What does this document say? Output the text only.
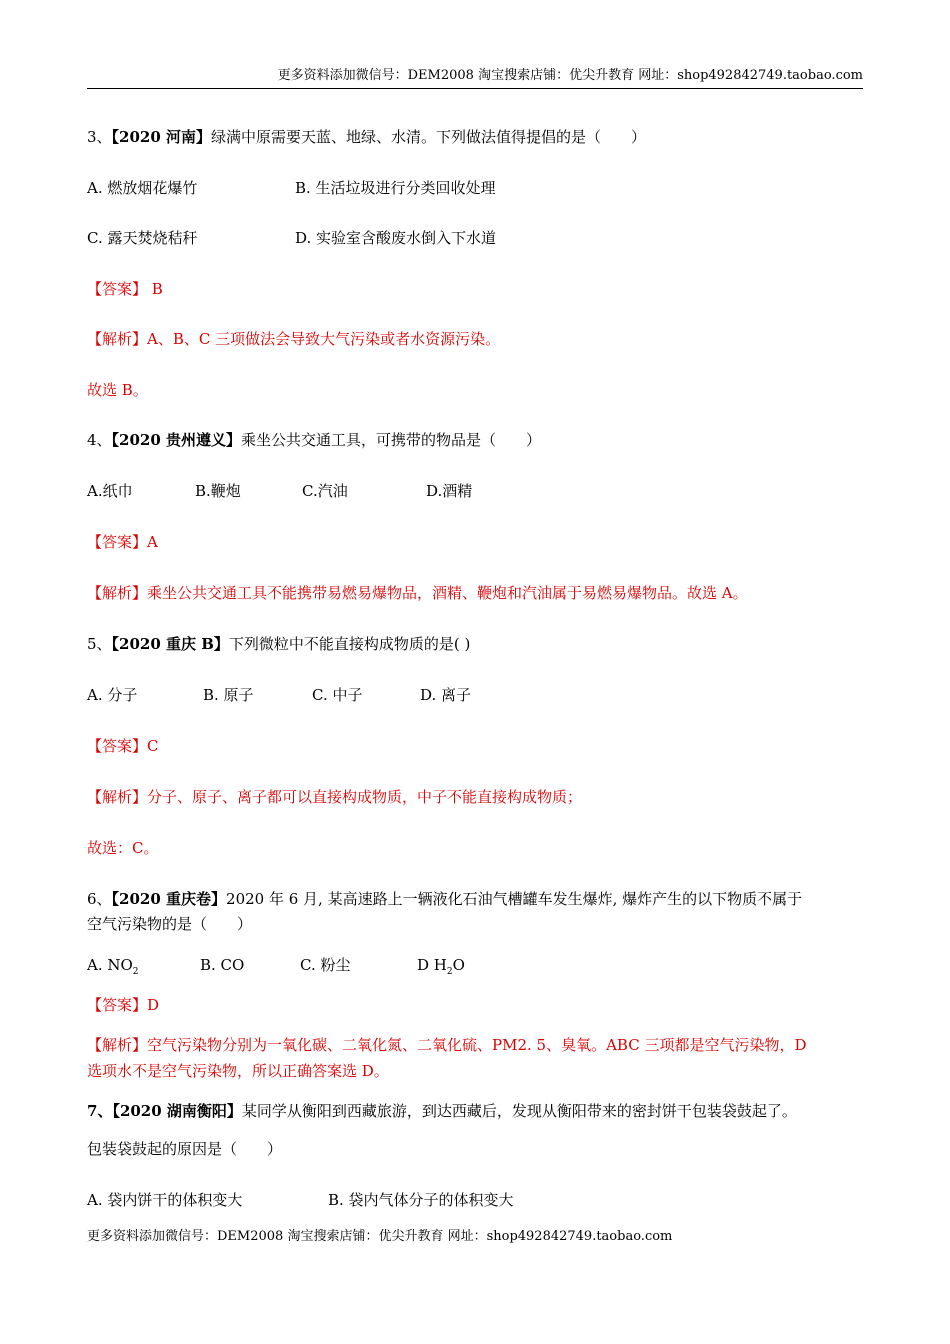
更多资料添加微信号：DEM2008 淘宝搜索店铺：优尖升教育 网址：shop492842749.taobao.com
3、【2020 河南】绿满中原需要天蓝、地绿、水清。下列做法值得提倡的是（　　）
A. 燃放烟花爆竹	B. 生活垃圾进行分类回收处理
C. 露天焚烧秸秆	D. 实验室含酸废水倒入下水道
【答案】 B
【解析】A、B、C 三项做法会导致大气污染或者水资源污染。
故选 B。
4、【2020 贵州遵义】乘坐公共交通工具，可携带的物品是（　　）
A.纸巾	B.鞭炮	C.汽油	D.酒精
【答案】A
【解析】乘坐公共交通工具不能携带易燃易爆物品，酒精、鞭炮和汽油属于易燃易爆物品。故选 A。
5、【2020 重庆 B】下列微粒中不能直接构成物质的是( )
A. 分子	B. 原子	C. 中子	D. 离子
【答案】C
【解析】分子、原子、离子都可以直接构成物质，中子不能直接构成物质；
故选：C。
6、【2020 重庆卷】2020 年 6 月, 某高速路上一辆液化石油气槽罐车发生爆炸, 爆炸产生的以下物质不属于
空气污染物的是（　　）
A. $NO_2$	B. CO	C. 粉尘	D $H_2O$
【答案】D
【解析】空气污染物分别为一氧化碳、二氧化氮、二氧化硫、PM2. 5、臭氧。ABC 三项都是空气污染物，D
选项水不是空气污染物，所以正确答案选 D。
7、【2020 湖南衡阳】某同学从衡阳到西藏旅游，到达西藏后，发现从衡阳带来的密封饼干包装袋鼓起了。
包装袋鼓起的原因是（　　）
A. 袋内饼干的体积变大	B. 袋内气体分子的体积变大
更多资料添加微信号：DEM2008 淘宝搜索店铺：优尖升教育 网址：shop492842749.taobao.com
